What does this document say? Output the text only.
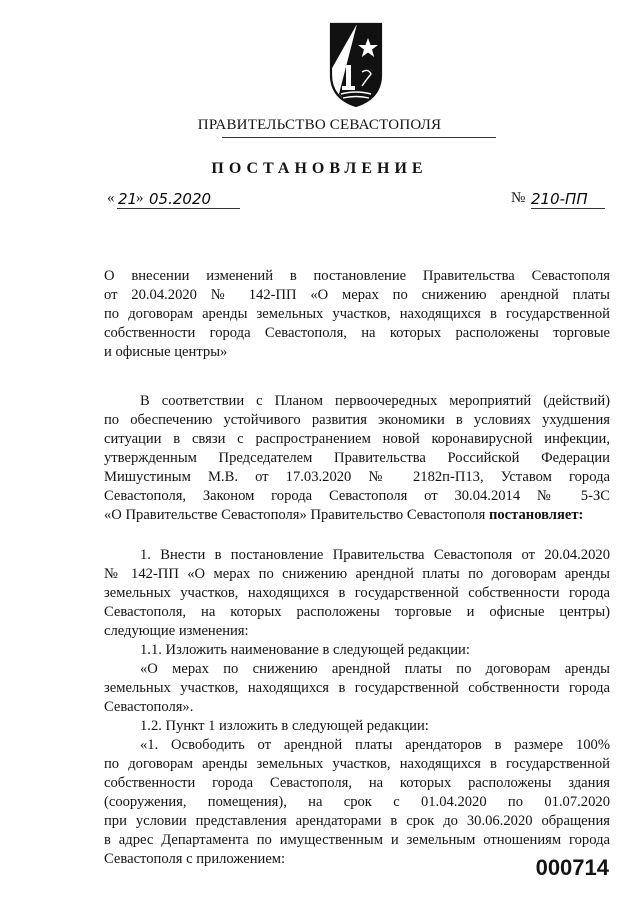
ПРАВИТЕЛЬСТВО СЕВАСТОПОЛЯ
ПОСТАНОВЛЕНИЕ
« 21
» 05.2020	№ 210-ПП
О внесении изменений в постановление Правительства Севастополя
от 20.04.2020 № 142-ПП «О мерах по снижению арендной платы
по договорам аренды земельных участков, находящихся в государственной
собственности города Севастополя, на которых расположены торговые
и офисные центры»
В соответствии с Планом первоочередных мероприятий (действий)
по обеспечению устойчивого развития экономики в условиях ухудшения
ситуации в связи с распространением новой коронавирусной инфекции,
утвержденным Председателем Правительства Российской Федерации
Мишустиным М.В. от 17.03.2020 № 2182п-П13, Уставом города
Севастополя, Законом города Севастополя от 30.04.2014 № 5-ЗС
«О Правительстве Севастополя» Правительство Севастополя постановляет:
1. Внести в постановление Правительства Севастополя от 20.04.2020
№ 142-ПП «О мерах по снижению арендной платы по договорам аренды
земельных участков, находящихся в государственной собственности города
Севастополя, на которых расположены торговые и офисные центры)
следующие изменения:
1.1. Изложить наименование в следующей редакции:
«О мерах по снижению арендной платы по договорам аренды
земельных участков, находящихся в государственной собственности города
Севастополя».
1.2. Пункт 1 изложить в следующей редакции:
«1. Освободить от арендной платы арендаторов в размере 100%
по договорам аренды земельных участков, находящихся в государственной
собственности города Севастополя, на которых расположены здания
(сооружения, помещения), на срок с 01.04.2020 по 01.07.2020
при условии представления арендаторами в срок до 30.06.2020 обращения
в адрес Департамента по имущественным и земельным отношениям города
Севастополя с приложением:	000714
